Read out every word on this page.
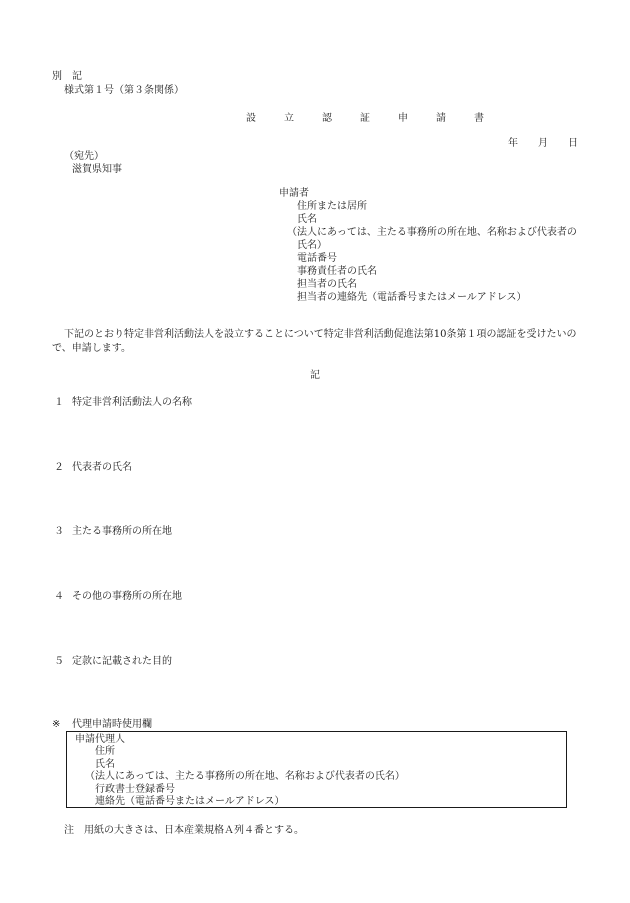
別　記
様式第１号（第３条関係）
設　立　認　証　申　請　書
年 月 日
（宛先）
滋賀県知事
申請者
住所または居所
氏名
（法人にあっては、主たる事務所の所在地、名称および代表者の
氏名）
電話番号
事務責任者の氏名
担当者の氏名
担当者の連絡先（電話番号またはメールアドレス）
下記のとおり特定非営利活動法人を設立することについて特定非営利活動促進法第10条第１項の認証を受けたいの
で、申請します。
記
１ 特定非営利活動法人の名称
２ 代表者の氏名
３ 主たる事務所の所在地
４ その他の事務所の所在地
５ 定款に記載された目的
※ 代理申請時使用欄
申請代理人
住所
氏名
（法人にあっては、主たる事務所の所在地、名称および代表者の氏名）
行政書士登録番号
連絡先（電話番号またはメールアドレス）
注　用紙の大きさは、日本産業規格Ａ列４番とする。
